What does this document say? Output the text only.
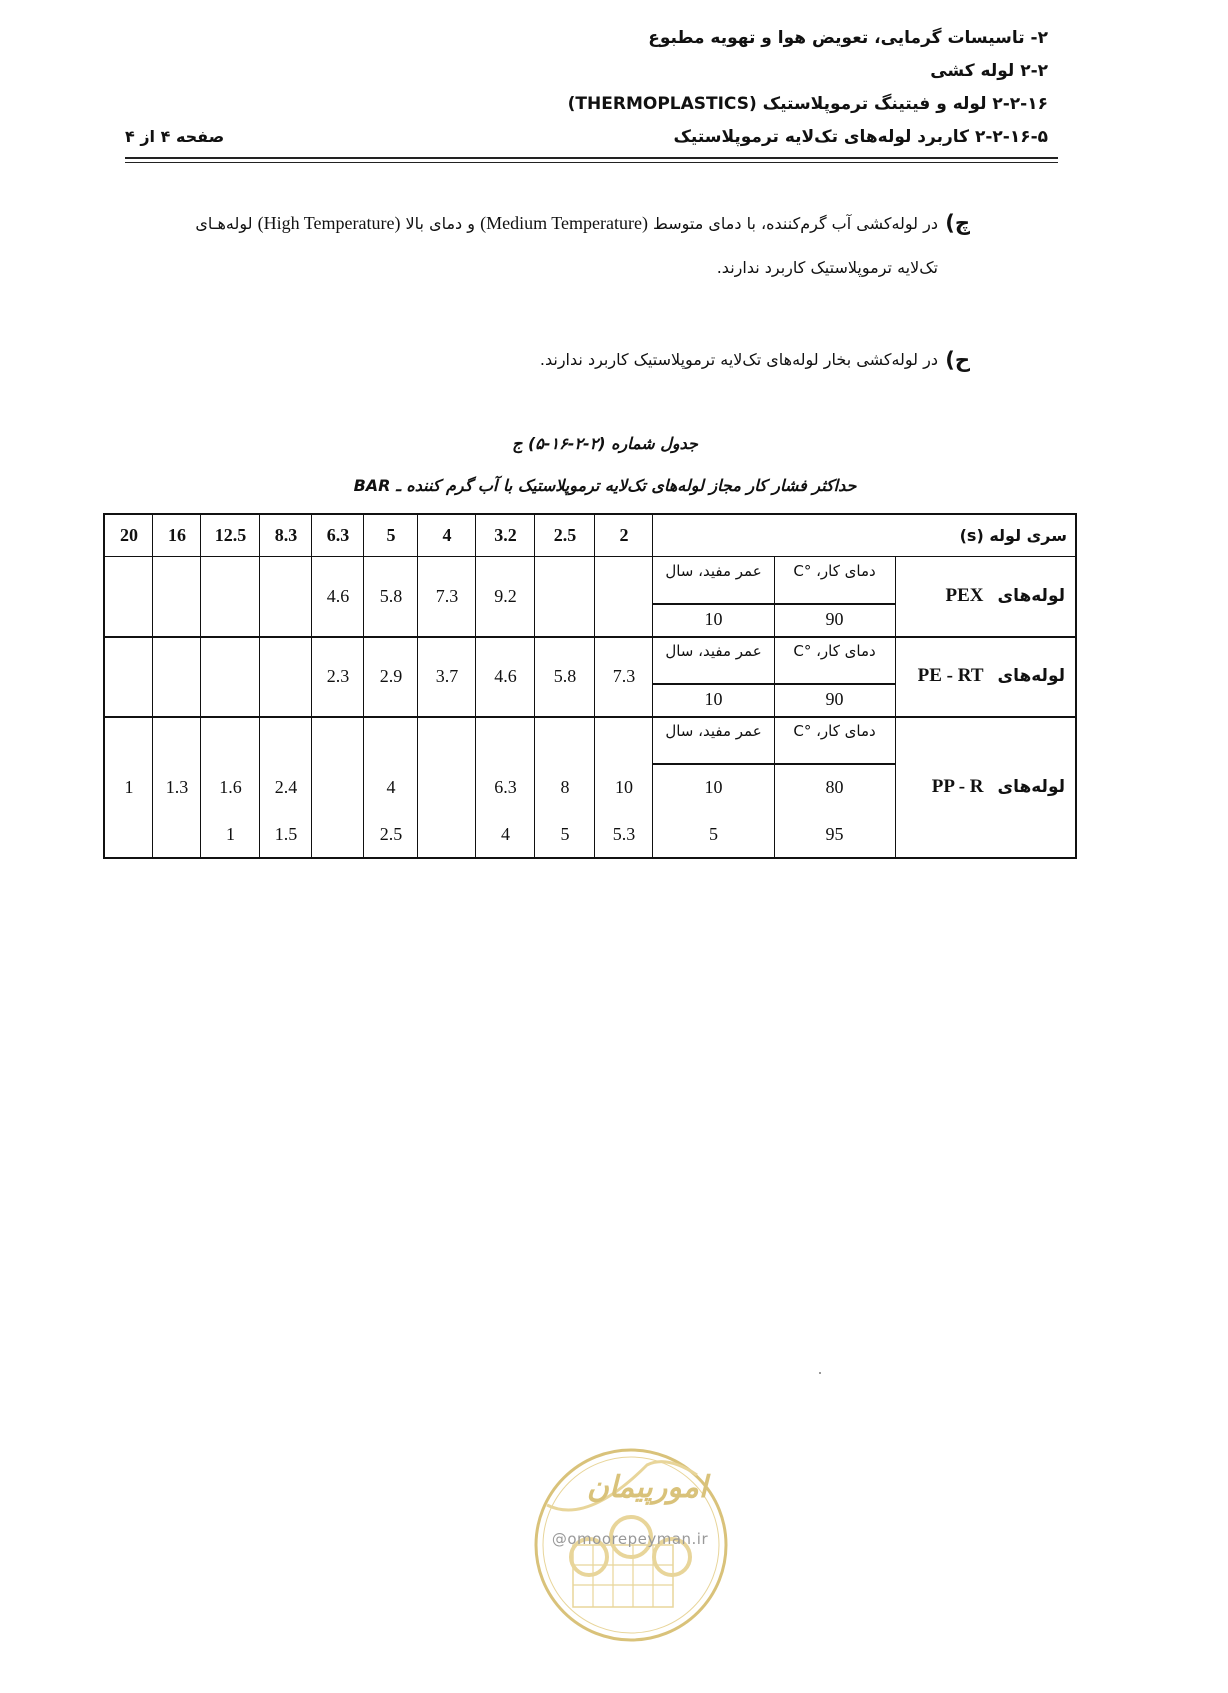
۲- تاسیسات گرمایی، تعویض هوا و تهویه مطبوع
۲-۲ لوله کشی
۲-۲-۱۶ لوله و فیتینگ ترموپلاستیک (THERMOPLASTICS)
۲-۲-۱۶-۵ کاربرد لوله‌های تک‌لایه ترموپلاستیک
صفحه ۴ از ۴
چ)
در لوله‌کشی آب گرم‌کننده، با دمای متوسط (Medium Temperature) و دمای بالا (High Temperature) لوله‌هـای
تک‌لایه ترموپلاستیک کاربرد ندارند.
ح)
در لوله‌کشی بخار لوله‌های تک‌لایه ترموپلاستیک کاربرد ندارند.
جدول شماره (۲-۲-۱۶-۵) ج
حداکثر فشار کار مجاز لوله‌های تک‌لایه ترموپلاستیک با آب گرم کننده ـ BAR
2
2.5
3.2
4
5
6.3
8.3
12.5
16
20	سری لوله (s)
لوله‌های
PEX
دمای کار، °C
عمر مفید، سال
90
10
9.2
7.3
5.8
4.6
لوله‌های
PE - RT
دمای کار، °C
عمر مفید، سال
90
10
7.3
5.8
4.6
3.7
2.9
2.3
لوله‌های
PP - R
دمای کار، °C
عمر مفید، سال
80
10
10
8
6.3
4
2.4
1.6
1.3
1
95
5
5.3
5
4
2.5
1.5
1
امورپیمان
@omoorepeyman.ir
